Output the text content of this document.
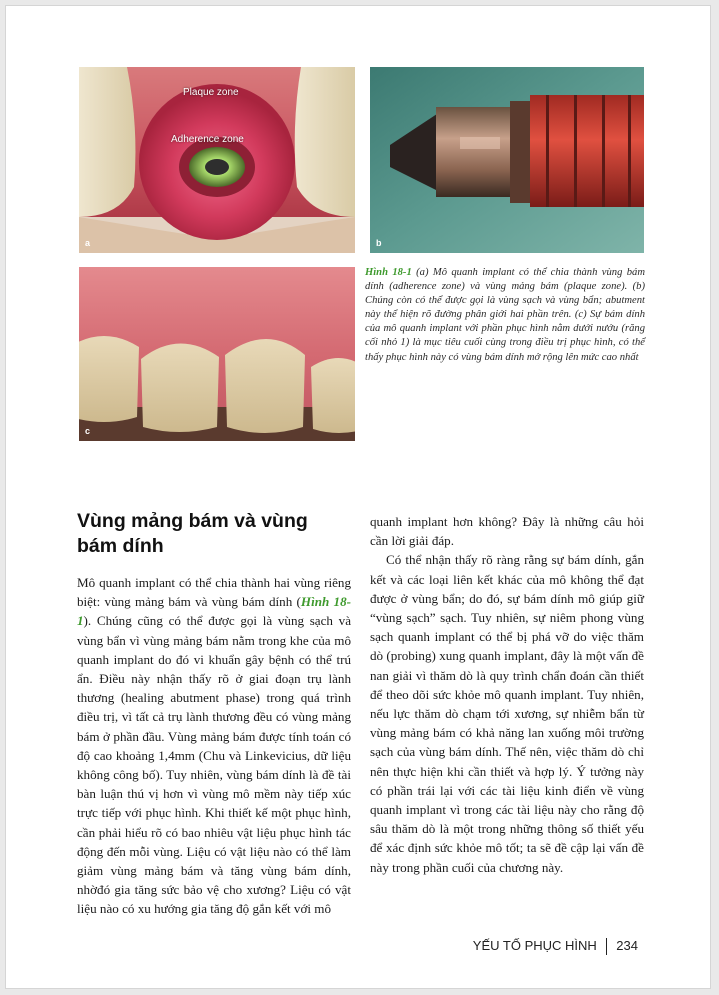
Plaque zone
Adherence zone
a	b
c
Hình 18-1 (a) Mô quanh implant có thể chia thành vùng bám dính (adherence zone) và vùng mảng bám (plaque zone). (b) Chúng còn có thể được gọi là vùng sạch và vùng bẩn; abutment này thể hiện rõ đường phân giới hai phần trên. (c) Sự bám dính của mô quanh implant với phần phục hình nằm dưới nướu (răng cối nhỏ 1) là mục tiêu cuối cùng trong điều trị phục hình, có thể thấy phục hình này có vùng bám dính mở rộng lên mức cao nhất
Vùng mảng bám và vùng bám dính

Mô quanh implant có thể chia thành hai vùng riêng biệt: vùng mảng bám và vùng bám dính (Hình 18-1). Chúng cũng có thể được gọi là vùng sạch và vùng bẩn vì vùng mảng bám nằm trong khe của mô quanh implant do đó vi khuẩn gây bệnh có thể trú ẩn. Điều này nhận thấy rõ ở giai đoạn trụ lành thương (healing abutment phase) trong quá trình điều trị, vì tất cả trụ lành thương đều có vùng mảng bám ở phần đầu. Vùng mảng bám được tính toán có độ cao khoảng 1,4mm (Chu và Linkevicius, dữ liệu không công bố). Tuy nhiên, vùng bám dính là đề tài bàn luận thú vị hơn vì vùng mô mềm này tiếp xúc trực tiếp với phục hình. Khi thiết kế một phục hình, cần phải hiểu rõ có bao nhiêu vật liệu phục hình tác động đến mỗi vùng. Liệu có vật liệu nào có thể làm giảm vùng mảng bám và tăng vùng bám dính, nhờđó gia tăng sức bảo vệ cho xương? Liệu có vật liệu nào có xu hướng gia tăng độ gắn kết với mô

quanh implant hơn không? Đây là những câu hỏi cần lời giải đáp.

Có thể nhận thấy rõ ràng rằng sự bám dính, gắn kết và các loại liên kết khác của mô không thể đạt được ở vùng bẩn; do đó, sự bám dính mô giúp giữ “vùng sạch” sạch. Tuy nhiên, sự niêm phong vùng sạch quanh implant có thể bị phá vỡ do việc thăm dò (probing) xung quanh implant, đây là một vấn đề nan giải vì thăm dò là quy trình chẩn đoán cần thiết để theo dõi sức khỏe mô quanh implant. Tuy nhiên, nếu lực thăm dò chạm tới xương, sự nhiễm bẩn từ vùng mảng bám có khả năng lan xuống môi trường sạch của vùng bám dính. Thế nên, việc thăm dò chỉ nên thực hiện khi cần thiết và hợp lý. Ý tưởng này có phần trái lại với các tài liệu kinh điển về vùng quanh implant vì trong các tài liệu này cho rằng độ sâu thăm dò là một trong những thông số thiết yếu để xác định sức khỏe mô tốt; ta sẽ đề cập lại vấn đề này trong phần cuối của chương này.

YẾU TỐ PHỤC HÌNH 234
